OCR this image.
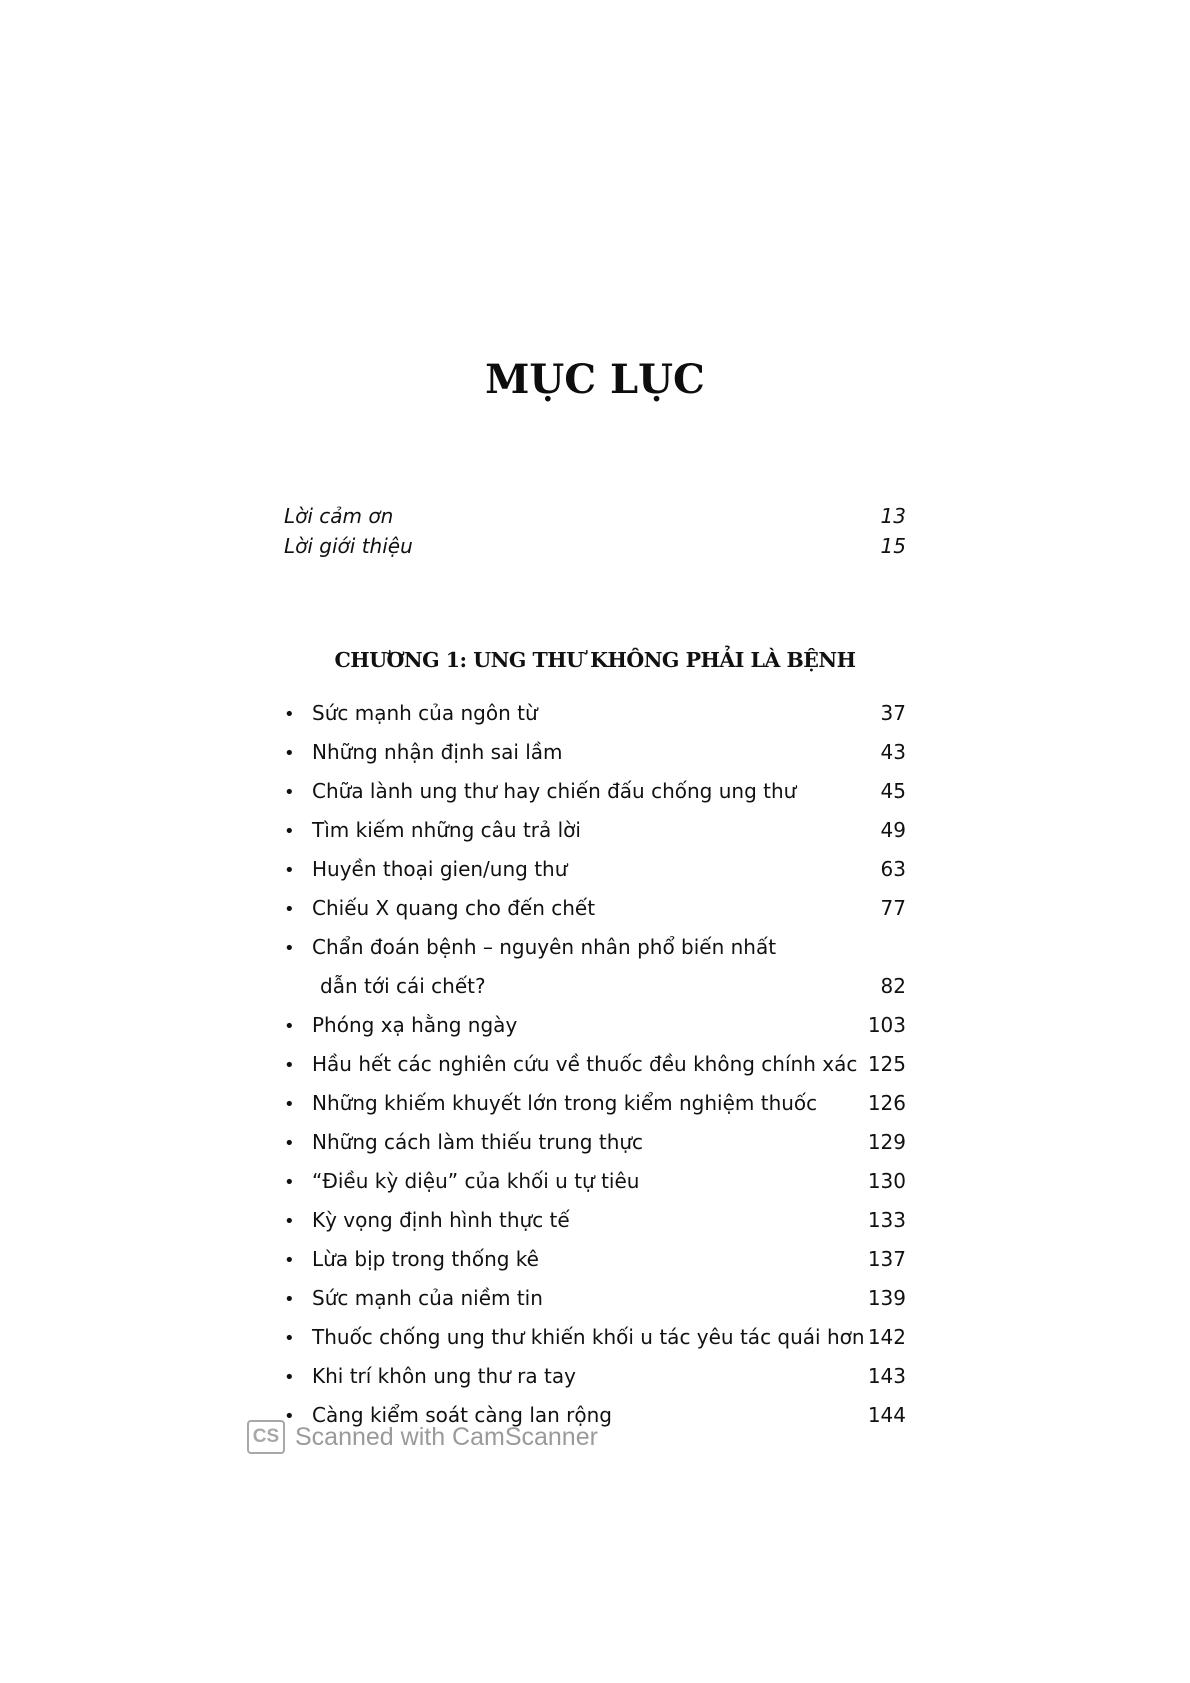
MỤC LỤC
Lời cảm ơn	13
Lời giới thiệu	15
CHƯƠNG 1: UNG THƯ KHÔNG PHẢI LÀ BỆNH
• Sức mạnh của ngôn từ	37
• Những nhận định sai lầm	43
• Chữa lành ung thư hay chiến đấu chống ung thư	45
• Tìm kiếm những câu trả lời	49
• Huyền thoại gien/ung thư	63
• Chiếu X quang cho đến chết	77
• Chẩn đoán bệnh – nguyên nhân phổ biến nhất
dẫn tới cái chết?	82
• Phóng xạ hằng ngày	103
• Hầu hết các nghiên cứu về thuốc đều không chính xác 125
• Những khiếm khuyết lớn trong kiểm nghiệm thuốc	126
• Những cách làm thiếu trung thực	129
• “Điều kỳ diệu” của khối u tự tiêu	130
• Kỳ vọng định hình thực tế	133
• Lừa bịp trong thống kê	137
• Sức mạnh của niềm tin	139
• Thuốc chống ung thư khiến khối u tác yêu tác quái hơn 142
• Khi trí khôn ung thư ra tay	143
• Càng kiểm soát càng lan rộng	144
CS Scanned with CamScanner
